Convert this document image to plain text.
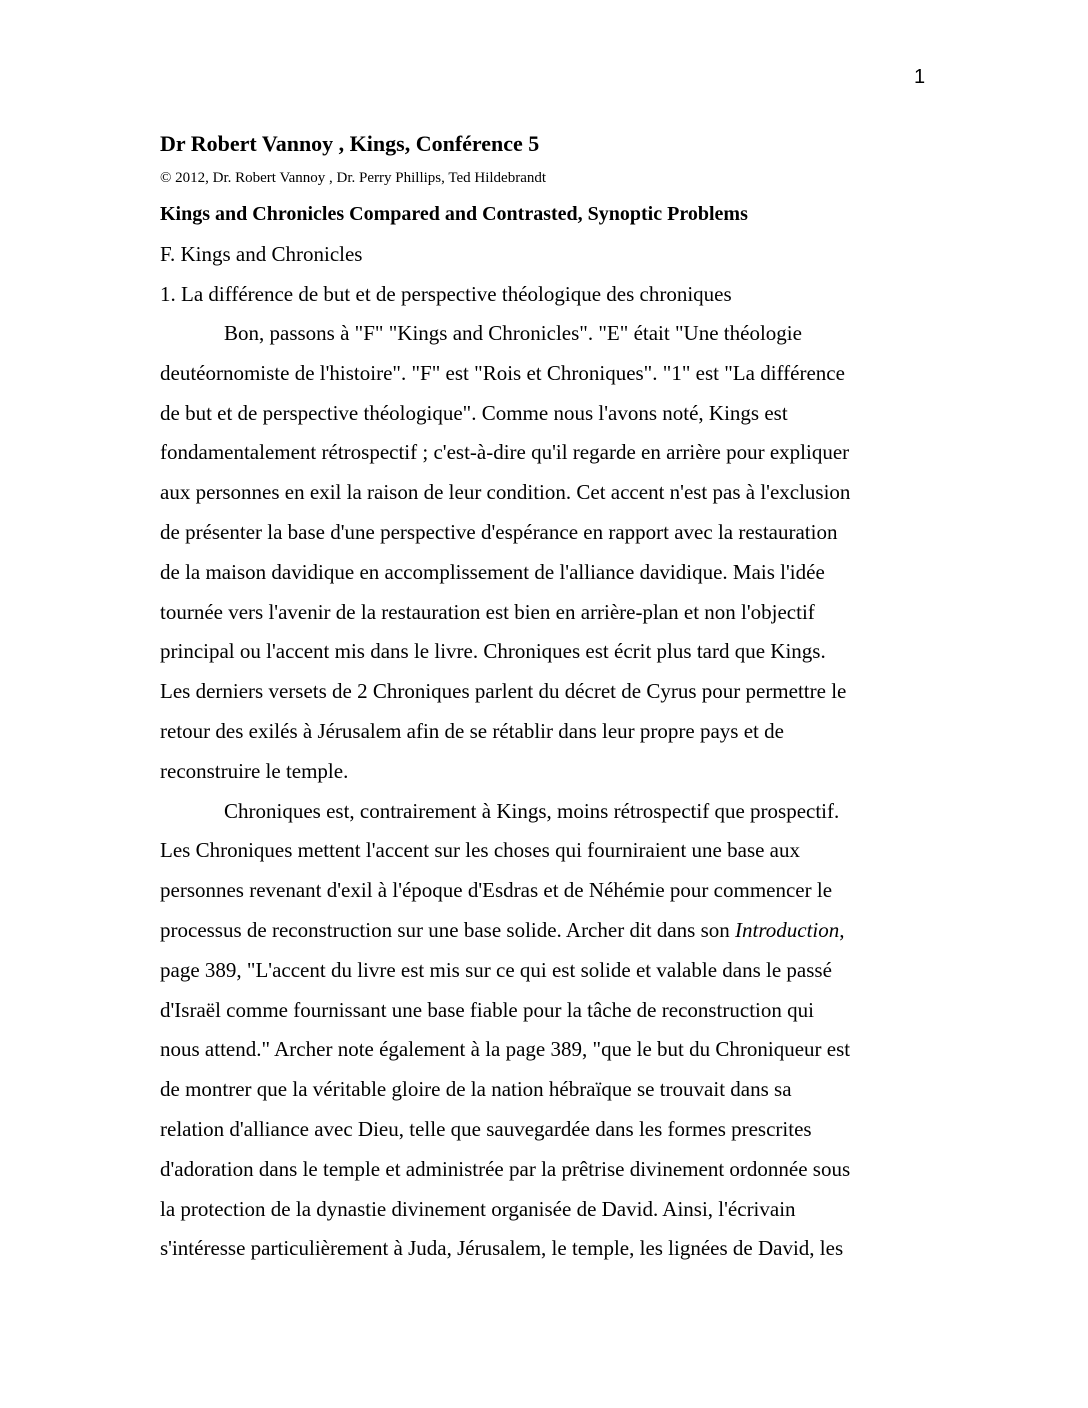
1

Dr Robert Vannoy , Kings, Conférence 5

© 2012, Dr. Robert Vannoy , Dr. Perry Phillips, Ted Hildebrandt

Kings and Chronicles Compared and Contrasted, Synoptic Problems

F. Kings and Chronicles

1. La différence de but et de perspective théologique des chroniques

Bon, passons à "F" "Kings and Chronicles". "E" était "Une théologie

deutéornomiste de l'histoire". "F" est "Rois et Chroniques". "1" est "La différence

de but et de perspective théologique". Comme nous l'avons noté, Kings est

fondamentalement rétrospectif ; c'est-à-dire qu'il regarde en arrière pour expliquer

aux personnes en exil la raison de leur condition. Cet accent n'est pas à l'exclusion

de présenter la base d'une perspective d'espérance en rapport avec la restauration

de la maison davidique en accomplissement de l'alliance davidique. Mais l'idée

tournée vers l'avenir de la restauration est bien en arrière-plan et non l'objectif

principal ou l'accent mis dans le livre. Chroniques est écrit plus tard que Kings.

Les derniers versets de 2 Chroniques parlent du décret de Cyrus pour permettre le

retour des exilés à Jérusalem afin de se rétablir dans leur propre pays et de

reconstruire le temple.

Chroniques est, contrairement à Kings, moins rétrospectif que prospectif.

Les Chroniques mettent l'accent sur les choses qui fourniraient une base aux

personnes revenant d'exil à l'époque d'Esdras et de Néhémie pour commencer le

processus de reconstruction sur une base solide. Archer dit dans son Introduction,

page 389, "L'accent du livre est mis sur ce qui est solide et valable dans le passé

d'Israël comme fournissant une base fiable pour la tâche de reconstruction qui

nous attend." Archer note également à la page 389, "que le but du Chroniqueur est

de montrer que la véritable gloire de la nation hébraïque se trouvait dans sa

relation d'alliance avec Dieu, telle que sauvegardée dans les formes prescrites

d'adoration dans le temple et administrée par la prêtrise divinement ordonnée sous

la protection de la dynastie divinement organisée de David. Ainsi, l'écrivain

s'intéresse particulièrement à Juda, Jérusalem, le temple, les lignées de David, les
